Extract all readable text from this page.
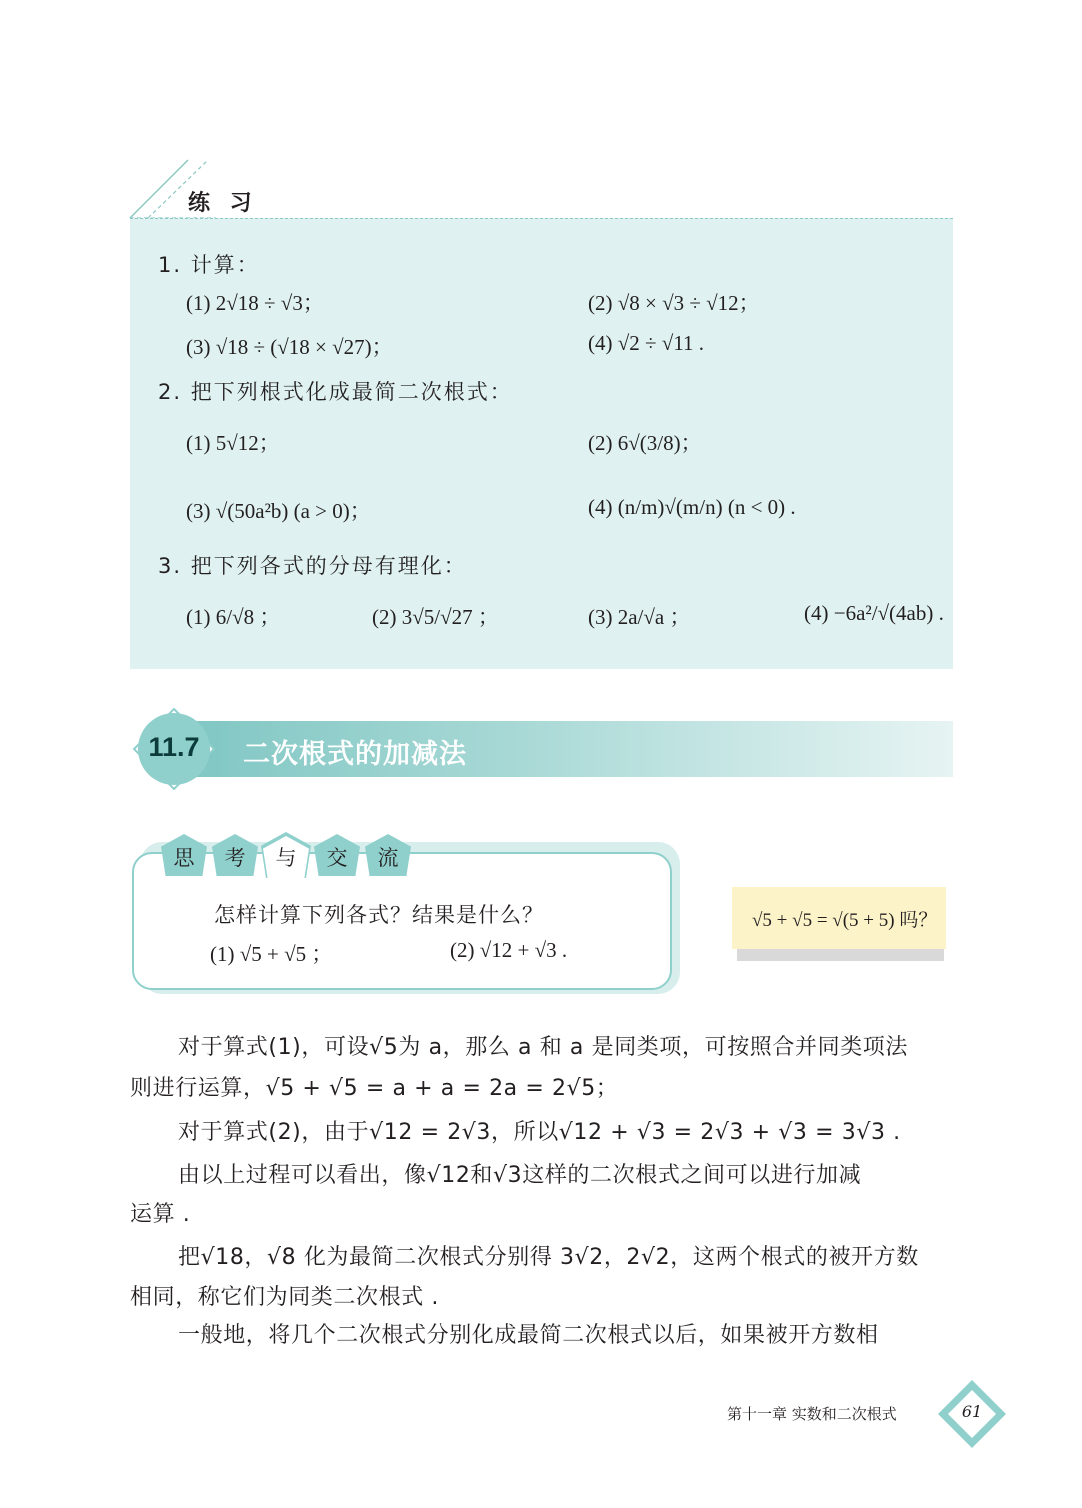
练 习
1. 计算：
(1) 2√18 ÷ √3；	(2) √8 × √3 ÷ √12；
(3) √18 ÷ (√18 × √27)；	(4) √2 ÷ √11 .
2. 把下列根式化成最简二次根式：
(1) 5√12；	(2) 6√(3/8)；
(3) √(50a²b) (a > 0)；	(4) (n/m)√(m/n) (n < 0) .
3. 把下列各式的分母有理化：
(1) 6/√8 ；	(2) 3√5/√27 ；	(3) 2a/√a ；	(4) −6a²/√(4ab) .
11.7 二次根式的加减法
思	考	与	交	流
怎样计算下列各式？结果是什么？
(1) √5 + √5 ；	(2) √12 + √3 .
√5 + √5 = √(5 + 5) 吗？
对于算式(1)，可设√5为 a，那么 a 和 a 是同类项，可按照合并同类项法
则进行运算，√5 + √5 = a + a = 2a = 2√5；
对于算式(2)，由于√12 = 2√3，所以√12 + √3 = 2√3 + √3 = 3√3 .
由以上过程可以看出，像√12和√3这样的二次根式之间可以进行加减
运算 .
把√18，√8 化为最简二次根式分别得 3√2，2√2，这两个根式的被开方数
相同，称它们为同类二次根式 .
一般地，将几个二次根式分别化成最简二次根式以后，如果被开方数相
第十一章 实数和二次根式	61
